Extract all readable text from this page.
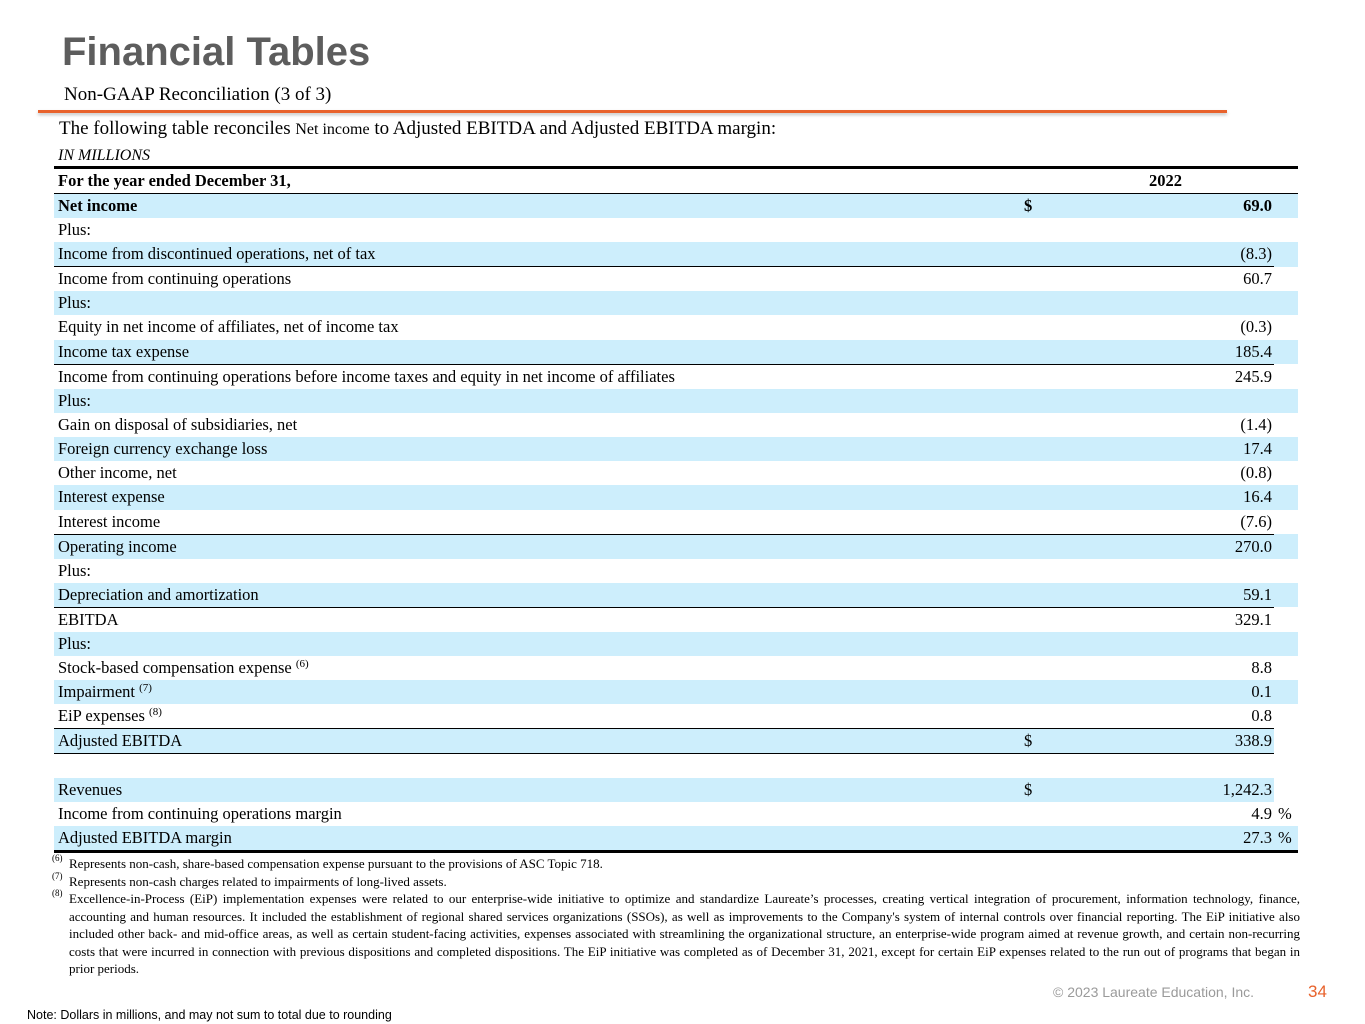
Financial Tables
Non-GAAP Reconciliation (3 of 3)
The following table reconciles Net income to Adjusted EBITDA and Adjusted EBITDA margin:
IN MILLIONS
For the year ended December 31,		2022	
Net income	$	69.0	
Plus:			
Income from discontinued operations, net of tax		(8.3)	
Income from continuing operations		60.7	
Plus:			
Equity in net income of affiliates, net of income tax		(0.3)	
Income tax expense		185.4	
Income from continuing operations before income taxes and equity in net income of affiliates		245.9	
Plus:			
Gain on disposal of subsidiaries, net		(1.4)	
Foreign currency exchange loss		17.4	
Other income, net		(0.8)	
Interest expense		16.4	
Interest income		(7.6)	
Operating income		270.0	
Plus:			
Depreciation and amortization		59.1	
EBITDA		329.1	
Plus:			
Stock-based compensation expense $^{(6)}$		8.8	
Impairment $^{(7)}$		0.1	
EiP expenses $^{(8)}$		0.8	
Adjusted EBITDA	$	338.9	

Revenues	$	1,242.3	
Income from continuing operations margin		4.9	%
Adjusted EBITDA margin		27.3	%
(6) Represents non-cash, share-based compensation expense pursuant to the provisions of ASC Topic 718.
(7) Represents non-cash charges related to impairments of long-lived assets.
(8) Excellence-in-Process (EiP) implementation expenses were related to our enterprise-wide initiative to optimize and standardize Laureate’s processes, creating vertical integration of procurement, information technology, finance, accounting and human resources. It included the establishment of regional shared services organizations (SSOs), as well as improvements to the Company's system of internal controls over financial reporting. The EiP initiative also included other back- and mid-office areas, as well as certain student-facing activities, expenses associated with streamlining the organizational structure, an enterprise-wide program aimed at revenue growth, and certain non-recurring costs that were incurred in connection with previous dispositions and completed dispositions. The EiP initiative was completed as of December 31, 2021, except for certain EiP expenses related to the run out of programs that began in prior periods.
© 2023 Laureate Education, Inc.	34
Note: Dollars in millions, and may not sum to total due to rounding
